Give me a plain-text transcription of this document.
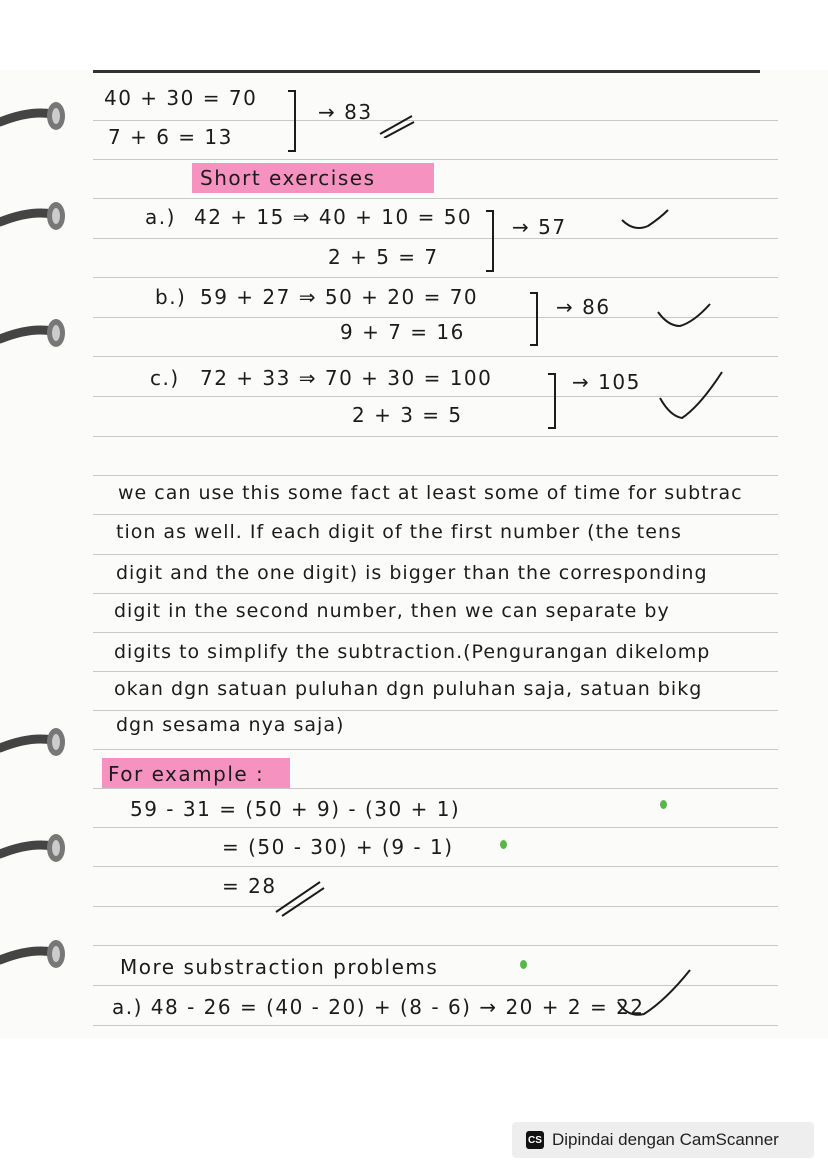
40 + 30 = 70
7 + 6 = 13
→ 83
Short exercises
a.) 42 + 15 ⇒ 40 + 10 = 50
2 + 5 = 7
→ 57
b.) 59 + 27 ⇒ 50 + 20 = 70
9 + 7 = 16
→ 86
c.) 72 + 33 ⇒ 70 + 30 = 100
2 + 3 = 5
→ 105
we can use this some fact at least some of time for subtrac
tion as well. If each digit of the first number (the tens
digit and the one digit) is bigger than the corresponding
digit in the second number, then we can separate by
digits to simplify the subtraction.(Pengurangan dikelomp
okan dgn satuan puluhan dgn puluhan saja, satuan bikg
dgn sesama nya saja)
For example :
59 - 31 = (50 + 9) - (30 + 1)
= (50 - 30) + (9 - 1)
= 28
More substraction problems
a.) 48 - 26 = (40 - 20) + (8 - 6) → 20 + 2 = 22
CS Dipindai dengan CamScanner
